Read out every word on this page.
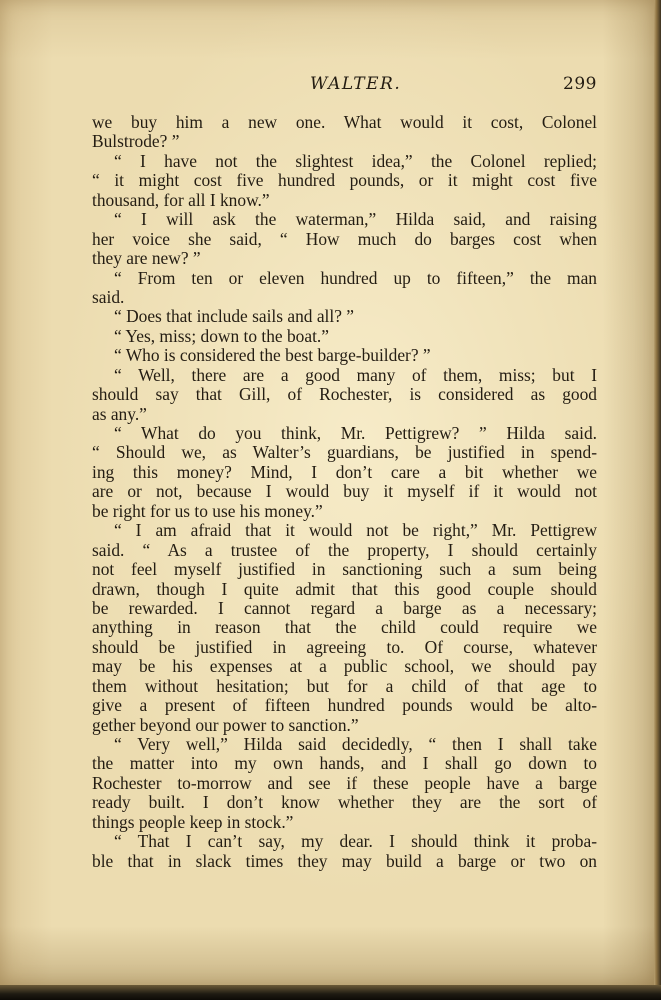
WALTER.	299
we buy him a new one. What would it cost, Colonel
Bulstrode? ”
“ I have not the slightest idea,” the Colonel replied;
“ it might cost five hundred pounds, or it might cost five
thousand, for all I know.”
“ I will ask the waterman,” Hilda said, and raising
her voice she said, “ How much do barges cost when
they are new? ”
“ From ten or eleven hundred up to fifteen,” the man
said.
“ Does that include sails and all? ”
“ Yes, miss; down to the boat.”
“ Who is considered the best barge-builder? ”
“ Well, there are a good many of them, miss; but I
should say that Gill, of Rochester, is considered as good
as any.”
“ What do you think, Mr. Pettigrew? ” Hilda said.
“ Should we, as Walter’s guardians, be justified in spend-
ing this money? Mind, I don’t care a bit whether we
are or not, because I would buy it myself if it would not
be right for us to use his money.”
“ I am afraid that it would not be right,” Mr. Pettigrew
said. “ As a trustee of the property, I should certainly
not feel myself justified in sanctioning such a sum being
drawn, though I quite admit that this good couple should
be rewarded. I cannot regard a barge as a necessary;
anything in reason that the child could require we
should be justified in agreeing to. Of course, whatever
may be his expenses at a public school, we should pay
them without hesitation; but for a child of that age to
give a present of fifteen hundred pounds would be alto-
gether beyond our power to sanction.”
“ Very well,” Hilda said decidedly, “ then I shall take
the matter into my own hands, and I shall go down to
Rochester to-morrow and see if these people have a barge
ready built. I don’t know whether they are the sort of
things people keep in stock.”
“ That I can’t say, my dear. I should think it proba-
ble that in slack times they may build a barge or two on
